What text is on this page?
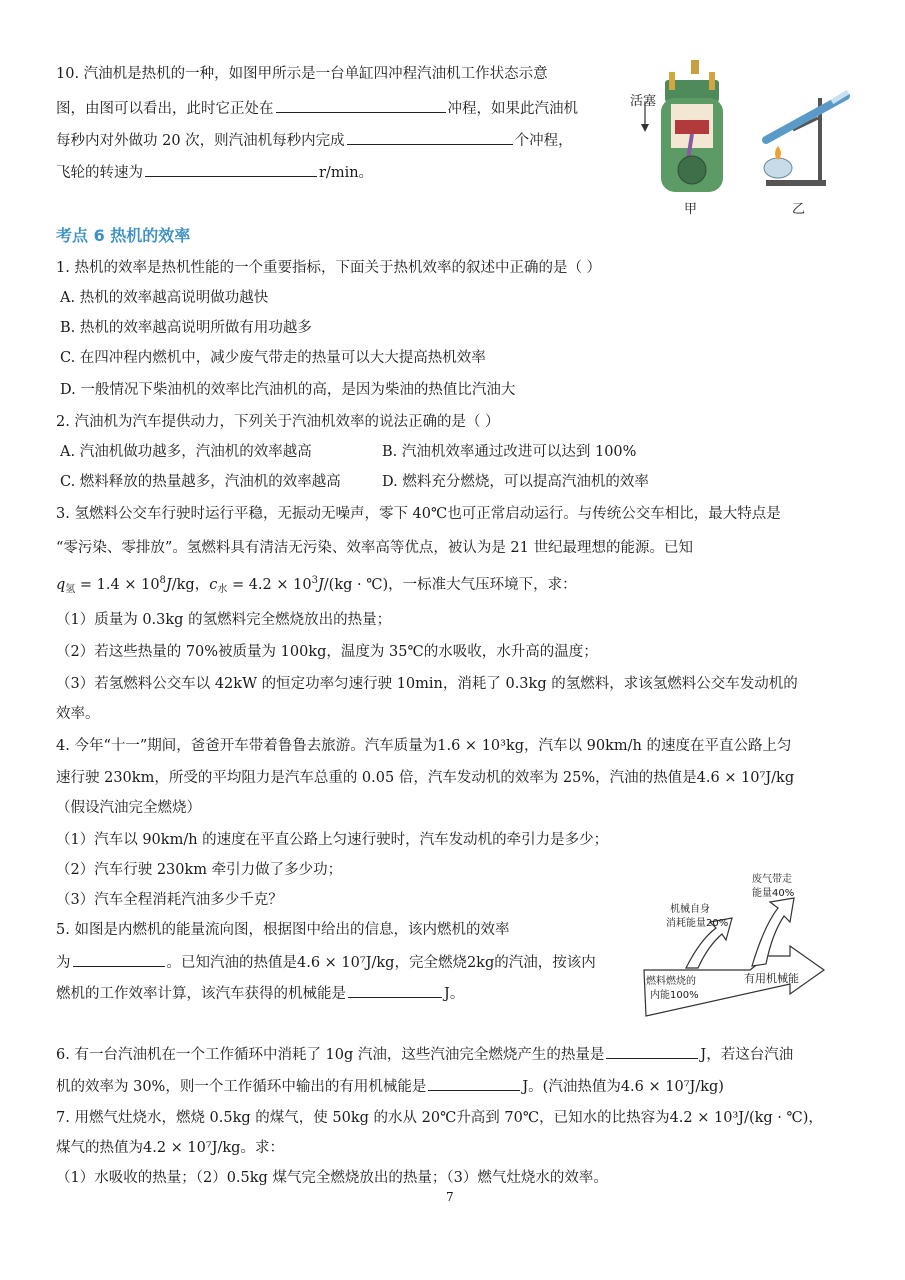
10. 汽油机是热机的一种，如图甲所示是一台单缸四冲程汽油机工作状态示意
图，由图可以看出，此时它正处在	冲程，如果此汽油机
每秒内对外做功 20 次，则汽油机每秒内完成	个冲程，
飞轮的转速为	r/min。
活塞
甲	乙
考点 6 热机的效率
1. 热机的效率是热机性能的一个重要指标，下面关于热机效率的叙述中正确的是（ ）
A. 热机的效率越高说明做功越快
B. 热机的效率越高说明所做有用功越多
C. 在四冲程内燃机中，减少废气带走的热量可以大大提高热机效率
D. 一般情况下柴油机的效率比汽油机的高，是因为柴油的热值比汽油大
2. 汽油机为汽车提供动力，下列关于汽油机效率的说法正确的是（ ）
A. 汽油机做功越多，汽油机的效率越高	B. 汽油机效率通过改进可以达到 100%
C. 燃料释放的热量越多，汽油机的效率越高	D. 燃料充分燃烧，可以提高汽油机的效率
3. 氢燃料公交车行驶时运行平稳，无振动无噪声，零下 40℃也可正常启动运行。与传统公交车相比，最大特点是
“零污染、零排放”。氢燃料具有清洁无污染、效率高等优点，被认为是 21 世纪最理想的能源。已知
$q_氢 = 1.4 \times 10^8J/kg$，$c_水 = 4.2 \times 10^3J/(kg$ · ℃)，一标准大气压环境下，求：
（1）质量为 0.3kg 的氢燃料完全燃烧放出的热量；
（2）若这些热量的 70%被质量为 100kg，温度为 35℃的水吸收，水升高的温度；
（3）若氢燃料公交车以 42kW 的恒定功率匀速行驶 10min，消耗了 0.3kg 的氢燃料，求该氢燃料公交车发动机的
效率。
4. 今年“十一”期间，爸爸开车带着鲁鲁去旅游。汽车质量为1.6 × 10³kg，汽车以 90km/h 的速度在平直公路上匀
速行驶 230km，所受的平均阻力是汽车总重的 0.05 倍，汽车发动机的效率为 25%，汽油的热值是4.6 × 10⁷J/kg
（假设汽油完全燃烧）
（1）汽车以 90km/h 的速度在平直公路上匀速行驶时，汽车发动机的牵引力是多少；
（2）汽车行驶 230km 牵引力做了多少功；
（3）汽车全程消耗汽油多少千克？
5. 如图是内燃机的能量流向图，根据图中给出的信息，该内燃机的效率
为	。已知汽油的热值是4.6 × 10⁷J/kg，完全燃烧2kg的汽油，按该内
燃机的工作效率计算，该汽车获得的机械能是	J。
燃料燃烧的
内能100%
机械自身
消耗能量20%
废气带走
能量40%
有用机械能
6. 有一台汽油机在一个工作循环中消耗了 10g 汽油，这些汽油完全燃烧产生的热量是	J，若这台汽油
机的效率为 30%，则一个工作循环中输出的有用机械能是	J。(汽油热值为4.6 × 10⁷J/kg)
7. 用燃气灶烧水，燃烧 0.5kg 的煤气，使 50kg 的水从 20℃升高到 70℃，已知水的比热容为4.2 × 10³J/(kg · ℃)，
煤气的热值为4.2 × 10⁷J/kg。求：
（1）水吸收的热量；（2）0.5kg 煤气完全燃烧放出的热量；（3）燃气灶烧水的效率。
7
